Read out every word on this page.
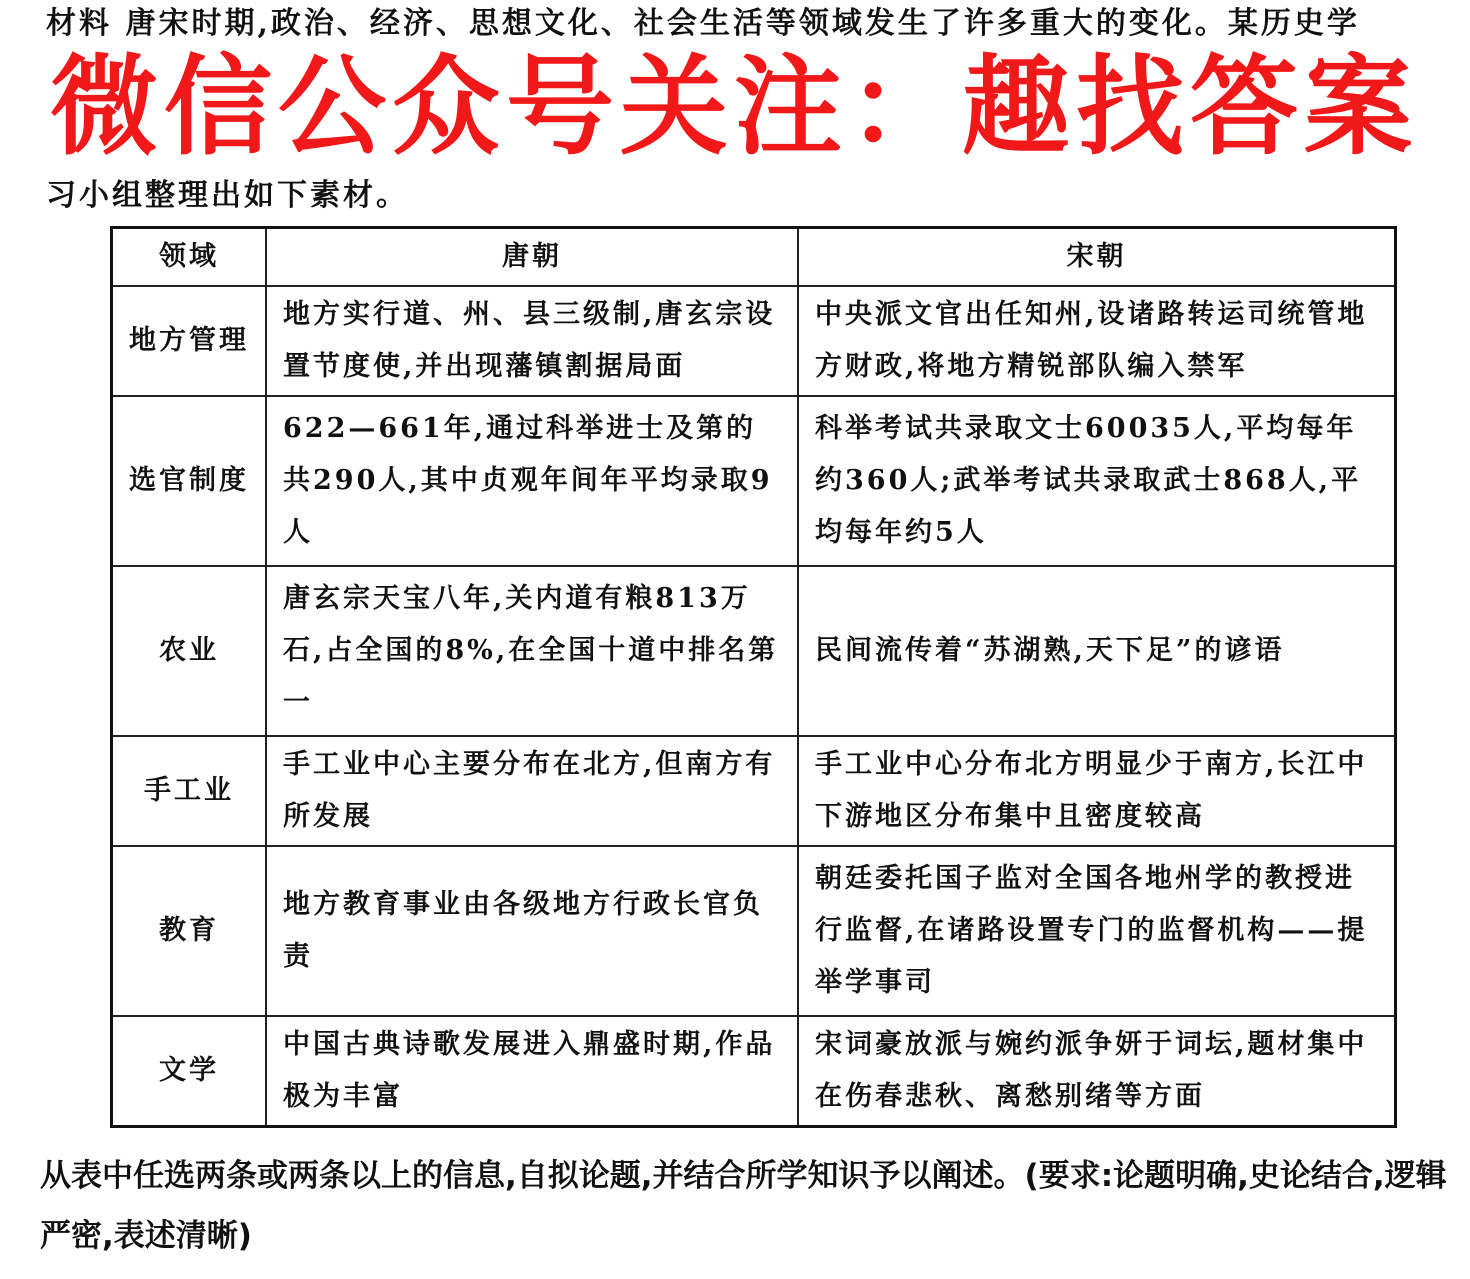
材料 唐宋时期,政治、经济、思想文化、社会生活等领域发生了许多重大的变化。某历史学
微信公众号关注：趣找答案
习小组整理出如下素材。
领域	唐朝	宋朝
地方管理	地方实行道、州、县三级制,唐玄宗设置节度使,并出现藩镇割据局面	中央派文官出任知州,设诸路转运司统管地方财政,将地方精锐部队编入禁军
选官制度	622—661年,通过科举进士及第的共290人,其中贞观年间年平均录取9人	科举考试共录取文士60035人,平均每年约360人;武举考试共录取武士868人,平均每年约5人
农业	唐玄宗天宝八年,关内道有粮813万石,占全国的8%,在全国十道中排名第一	民间流传着“苏湖熟,天下足”的谚语
手工业	手工业中心主要分布在北方,但南方有所发展	手工业中心分布北方明显少于南方,长江中下游地区分布集中且密度较高
教育	地方教育事业由各级地方行政长官负责	朝廷委托国子监对全国各地州学的教授进行监督,在诸路设置专门的监督机构——提举学事司
文学	中国古典诗歌发展进入鼎盛时期,作品极为丰富	宋词豪放派与婉约派争妍于词坛,题材集中在伤春悲秋、离愁别绪等方面
从表中任选两条或两条以上的信息,自拟论题,并结合所学知识予以阐述。(要求:论题明确,史论结合,逻辑严密,表述清晰)
